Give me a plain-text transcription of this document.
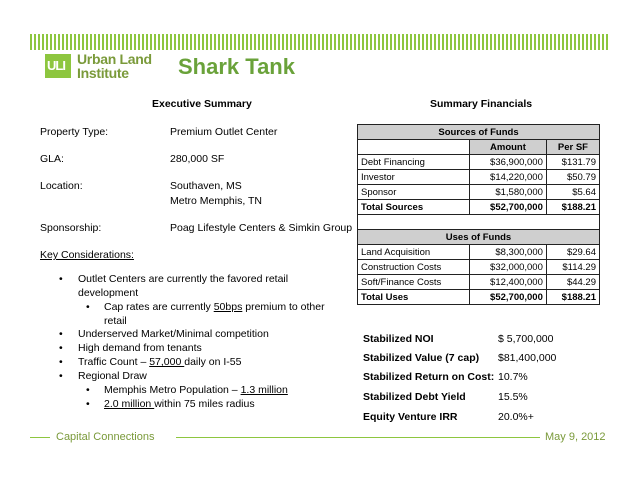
ULI Urban Land
Institute	Shark Tank
Executive Summary
Property Type:	Premium Outlet Center
GLA:	280,000 SF
Location:	Southaven, MS
Metro Memphis, TN
Sponsorship:	Poag Lifestyle Centers & Simkin Group
Key Considerations:
• Outlet Centers are currently the favored retail
development
• Cap rates are currently 50bps premium to other
retail
• Underserved Market/Minimal competition
• High demand from tenants
• Traffic Count – 57,000 daily on I-55
• Regional Draw
• Memphis Metro Population – 1.3 million
• 2.0 million within 75 miles radius
Summary Financials
Sources of Funds		
	Amount	Per SF
Debt Financing	$36,900,000	$131.79
Investor	$14,220,000	$50.79
Sponsor	$1,580,000	$5.64
Total Sources	$52,700,000	$188.21

Uses of Funds		
Land Acquisition	$8,300,000	$29.64
Construction Costs	$32,000,000	$114.29
Soft/Finance Costs	$12,400,000	$44.29
Total Uses	$52,700,000	$188.21
Stabilized NOI	$ 5,700,000
Stabilized Value (7 cap) $81,400,000
Stabilized Return on Cost: 10.7%
Stabilized Debt Yield	15.5%
Equity Venture IRR	20.0%+
Capital Connections	May 9, 2012
